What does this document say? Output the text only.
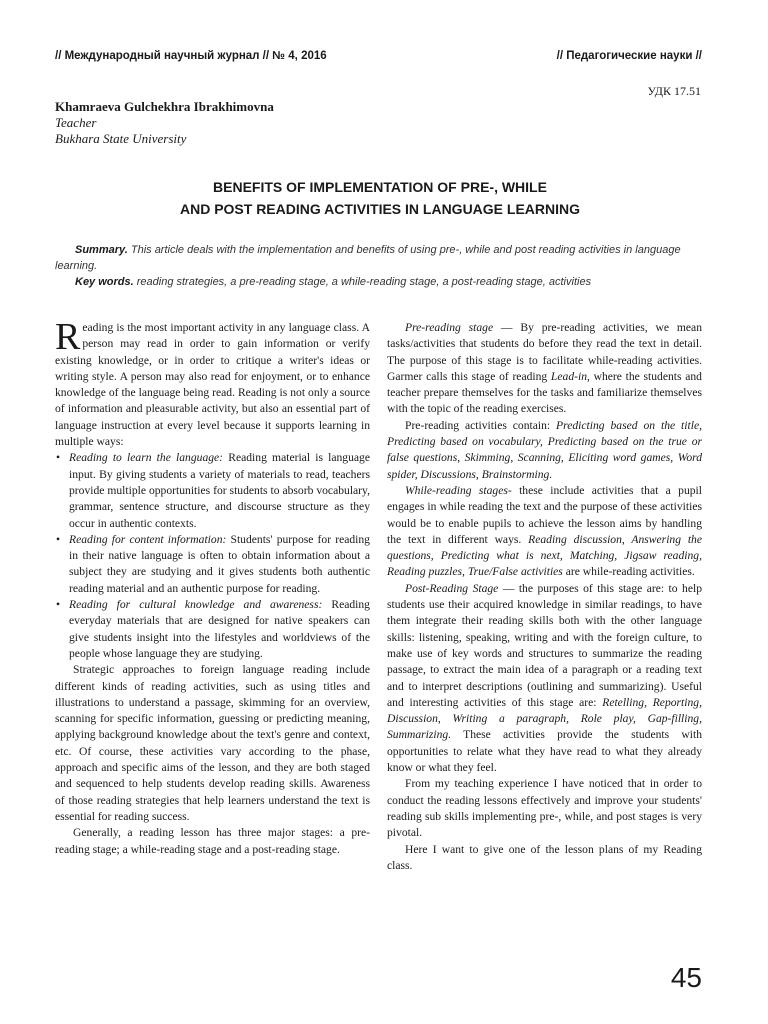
// Международный научный журнал // № 4, 2016	// Педагогические науки //
УДК 17.51
Khamraeva Gulchekhra Ibrakhimovna
Teacher
Bukhara State University
BENEFITS OF IMPLEMENTATION OF PRE-, WHILE
AND POST READING ACTIVITIES IN LANGUAGE LEARNING

Summary. This article deals with the implementation and benefits of using pre-, while and post reading activities in language learning.

Key words. reading strategies, a pre-reading stage, a while-reading stage, a post-reading stage, activities

Reading is the most important activity in any language class. A person may read in order to gain information or verify existing knowledge, or in order to critique a writer's ideas or writing style. A person may also read for enjoyment, or to enhance knowledge of the language being read. Reading is not only a source of information and pleasurable activity, but also an essential part of language instruction at every level because it supports learning in multiple ways:

• Reading to learn the language: Reading material is language input. By giving students a variety of materials to read, teachers provide multiple opportunities for students to absorb vocabulary, grammar, sentence structure, and discourse structure as they occur in authentic contexts.
• Reading for content information: Students' purpose for reading in their native language is often to obtain information about a subject they are studying and it gives students both authentic reading material and an authentic purpose for reading.
• Reading for cultural knowledge and awareness: Reading everyday materials that are designed for native speakers can give students insight into the lifestyles and worldviews of the people whose language they are studying.

Strategic approaches to foreign language reading include different kinds of reading activities, such as using titles and illustrations to understand a passage, skimming for an overview, scanning for specific information, guessing or predicting meaning, applying background knowledge about the text's genre and context, etc. Of course, these activities vary according to the phase, approach and specific aims of the lesson, and they are both staged and sequenced to help students develop reading skills. Awareness of those reading strategies that help learners understand the text is essential for reading success.

Generally, a reading lesson has three major stages: a pre-reading stage; a while-reading stage and a post-reading stage.

Pre-reading stage — By pre-reading activities, we mean tasks/activities that students do before they read the text in detail. The purpose of this stage is to facilitate while-reading activities. Garmer calls this stage of reading Lead-in, where the students and teacher prepare themselves for the tasks and familiarize themselves with the topic of the reading exercises.

Pre-reading activities contain: Predicting based on the title, Predicting based on vocabulary, Predicting based on the true or false questions, Skimming, Scanning, Eliciting word games, Word spider, Discussions, Brainstorming.

While-reading stages- these include activities that a pupil engages in while reading the text and the purpose of these activities would be to enable pupils to achieve the lesson aims by handling the text in different ways. Reading discussion, Answering the questions, Predicting what is next, Matching, Jigsaw reading, Reading puzzles, True/False activities are while-reading activities.

Post-Reading Stage — the purposes of this stage are: to help students use their acquired knowledge in similar readings, to have them integrate their reading skills both with the other language skills: listening, speaking, writing and with the foreign culture, to make use of key words and structures to summarize the reading passage, to extract the main idea of a paragraph or a reading text and to interpret descriptions (outlining and summarizing). Useful and interesting activities of this stage are: Retelling, Reporting, Discussion, Writing a paragraph, Role play, Gap-filling, Summarizing. These activities provide the students with opportunities to relate what they have read to what they already know or what they feel.

From my teaching experience I have noticed that in order to conduct the reading lessons effectively and improve your students' reading sub skills implementing pre-, while, and post stages is very pivotal.

Here I want to give one of the lesson plans of my Reading class.

45
